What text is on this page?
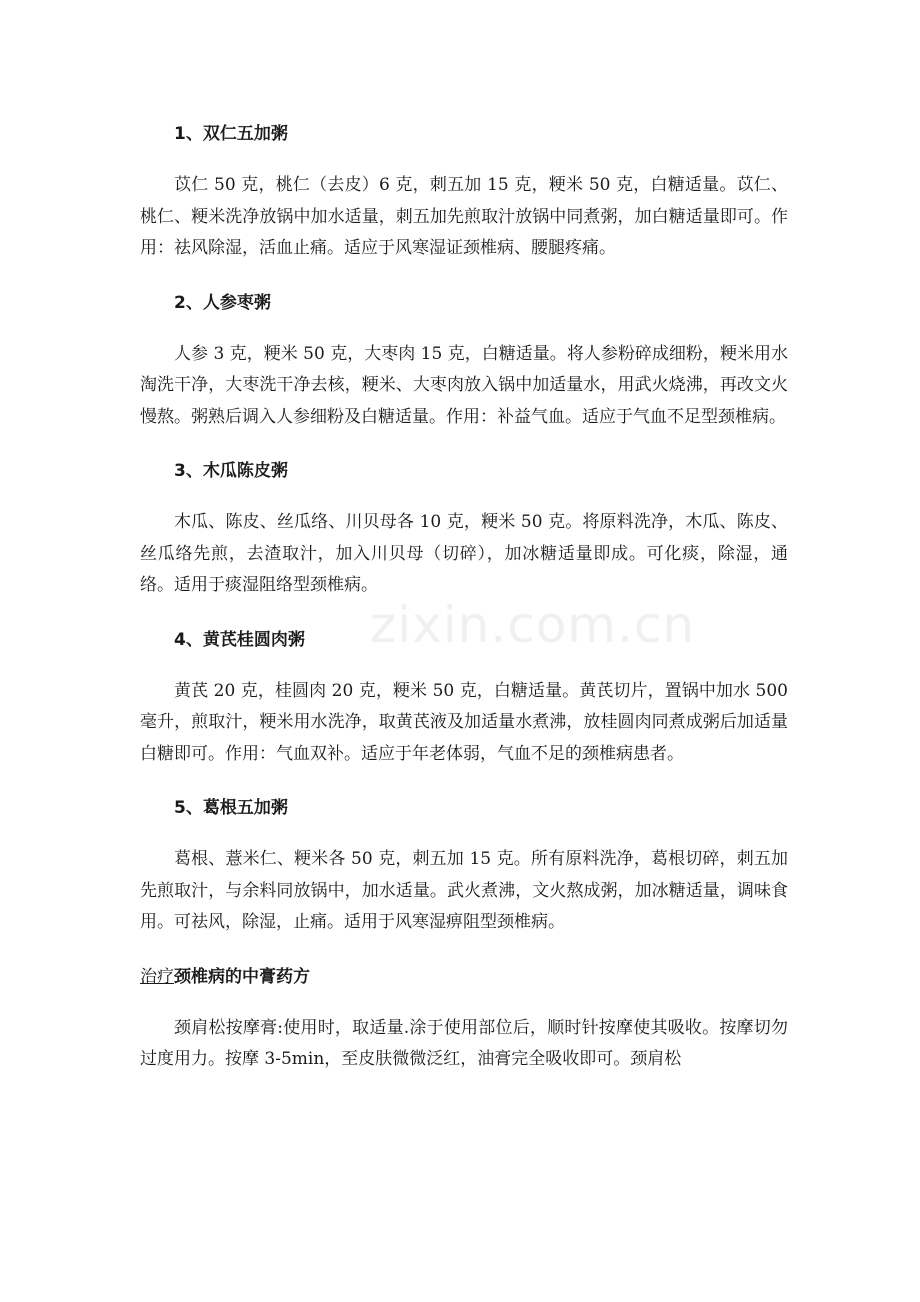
zixin.com.cn
1、双仁五加粥

苡仁 50 克，桃仁（去皮）6 克，刺五加 15 克，粳米 50 克，白糖适量。苡仁、桃仁、粳米洗净放锅中加水适量，刺五加先煎取汁放锅中同煮粥，加白糖适量即可。作用：祛风除湿，活血止痛。适应于风寒湿证颈椎病、腰腿疼痛。

2、人参枣粥

人参 3 克，粳米 50 克，大枣肉 15 克，白糖适量。将人参粉碎成细粉，粳米用水淘洗干净，大枣洗干净去核，粳米、大枣肉放入锅中加适量水，用武火烧沸，再改文火慢熬。粥熟后调入人参细粉及白糖适量。作用：补益气血。适应于气血不足型颈椎病。

3、木瓜陈皮粥

木瓜、陈皮、丝瓜络、川贝母各 10 克，粳米 50 克。将原料洗净，木瓜、陈皮、丝瓜络先煎，去渣取汁，加入川贝母（切碎），加冰糖适量即成。可化痰，除湿，通络。适用于痰湿阻络型颈椎病。

4、黄芪桂圆肉粥

黄芪 20 克，桂圆肉 20 克，粳米 50 克，白糖适量。黄芪切片，置锅中加水 500毫升，煎取汁，粳米用水洗净，取黄芪液及加适量水煮沸，放桂圆肉同煮成粥后加适量白糖即可。作用：气血双补。适应于年老体弱，气血不足的颈椎病患者。

5、葛根五加粥

葛根、薏米仁、粳米各 50 克，刺五加 15 克。所有原料洗净，葛根切碎，刺五加先煎取汁，与余料同放锅中，加水适量。武火煮沸，文火熬成粥，加冰糖适量，调味食用。可祛风，除湿，止痛。适用于风寒湿痹阻型颈椎病。

治疗颈椎病的中膏药方

颈肩松按摩膏:使用时，取适量.涂于使用部位后，顺时针按摩使其吸收。按摩切勿过度用力。按摩 3-5min，至皮肤微微泛红，油膏完全吸收即可。颈肩松
